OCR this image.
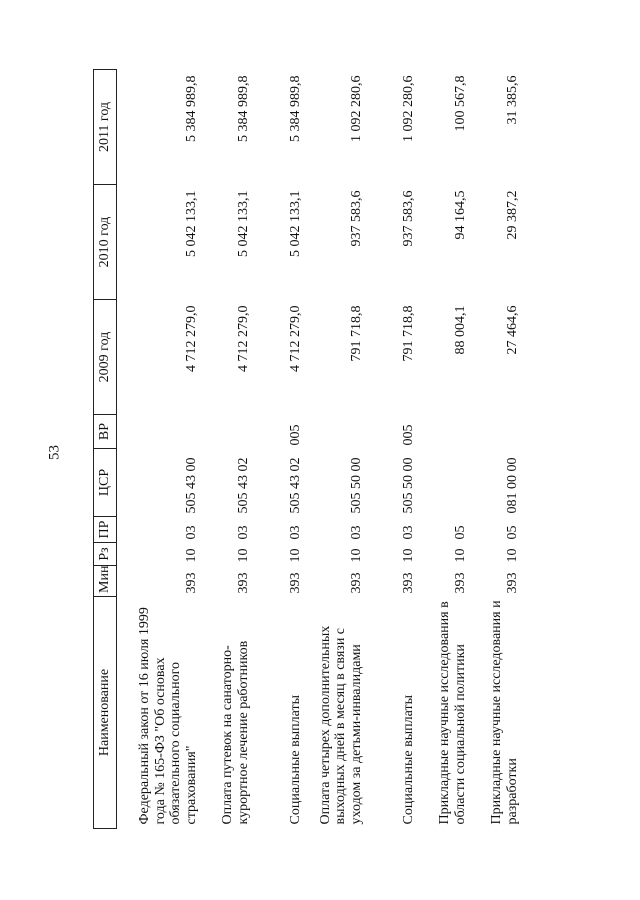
53
Наименование	Мин	Рз	ПР	ЦСР	ВР	2009 год	2010 год	2011 год
Федеральный закон от 16 июля 1999 года № 165-ФЗ "Об основах обязательного социального страхования"	393	10	03	505 43 00		4 712 279,0	5 042 133,1	5 384 989,8
Оплата путевок на санаторно-курортное лечение работников	393	10	03	505 43 02		4 712 279,0	5 042 133,1	5 384 989,8
Социальные выплаты	393	10	03	505 43 02	005	4 712 279,0	5 042 133,1	5 384 989,8
Оплата четырех дополнительных выходных дней в месяц в связи с уходом за детьми-инвалидами	393	10	03	505 50 00		791 718,8	937 583,6	1 092 280,6
Социальные выплаты	393	10	03	505 50 00	005	791 718,8	937 583,6	1 092 280,6
Прикладные научные исследования в области социальной политики	393	10	05			88 004,1	94 164,5	100 567,8
Прикладные научные исследования и разработки	393	10	05	081 00 00		27 464,6	29 387,2	31 385,6
